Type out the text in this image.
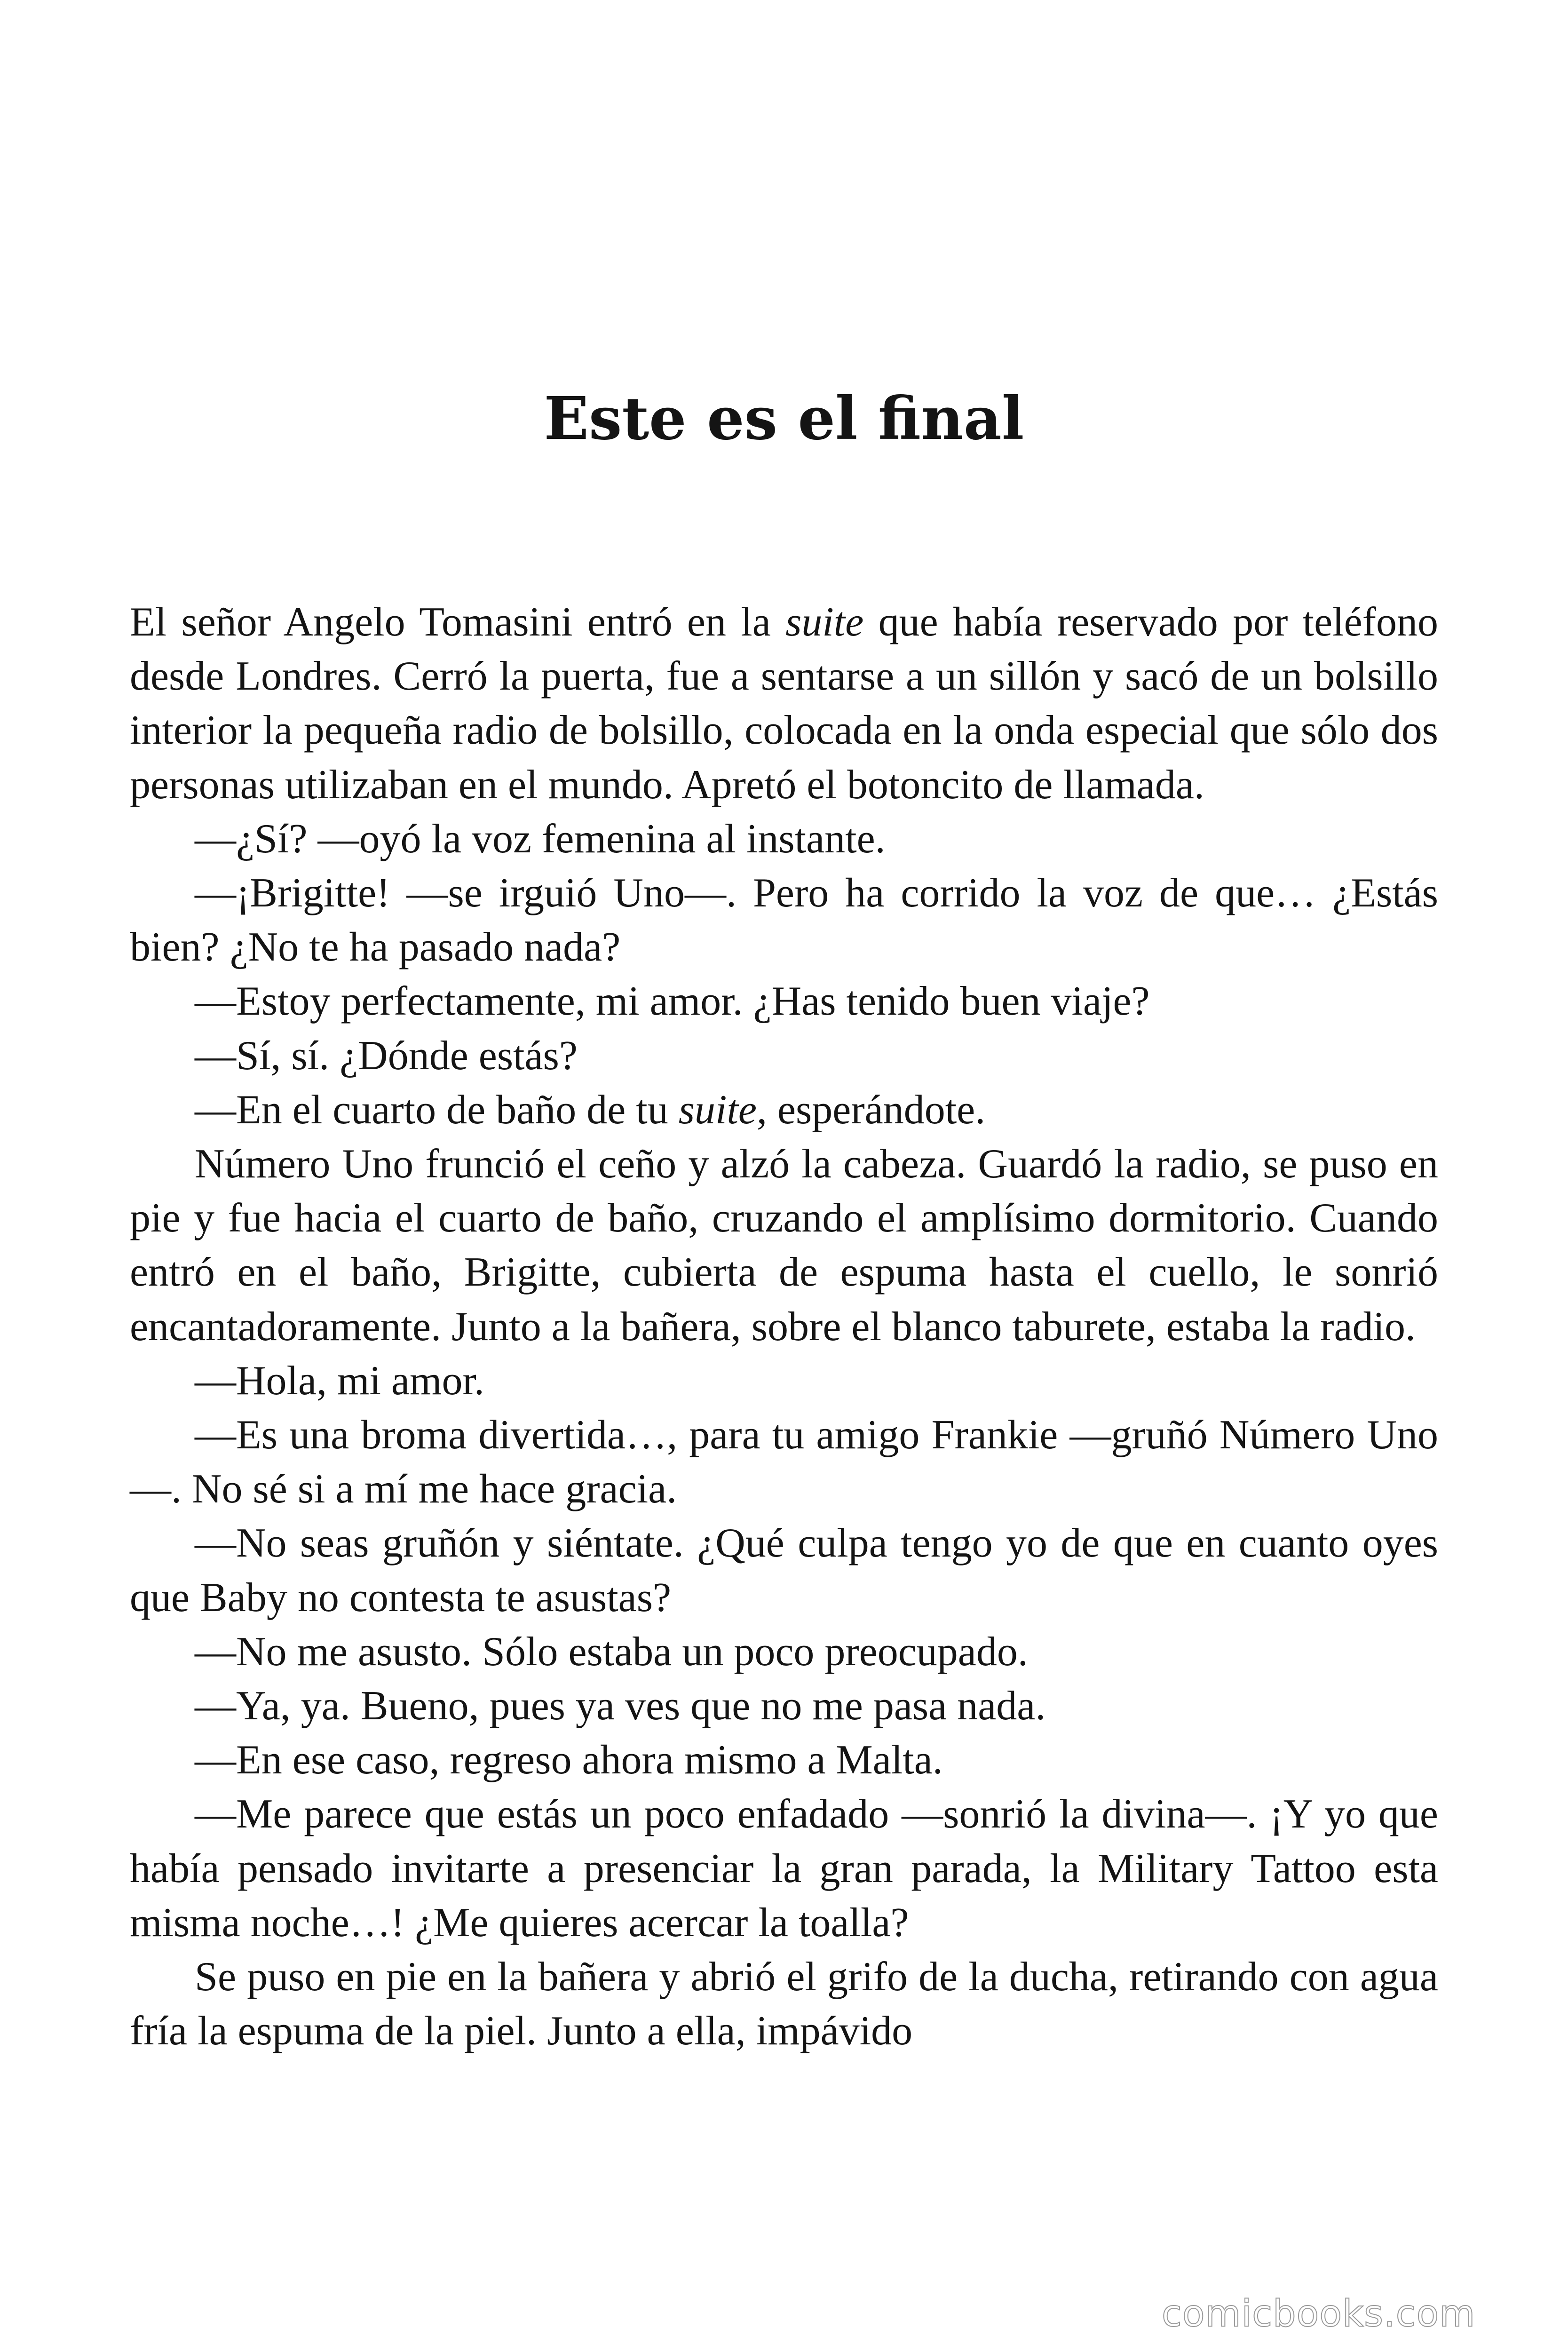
Este es el final

El señor Angelo Tomasini entró en la suite que había reservado por teléfono desde Londres. Cerró la puerta, fue a sentarse a un sillón y sacó de un bolsillo interior la pequeña radio de bolsillo, colocada en la onda especial que sólo dos personas utilizaban en el mundo. Apretó el botoncito de llamada.

—¿Sí? —oyó la voz femenina al instante.

—¡Brigitte! —se irguió Uno—. Pero ha corrido la voz de que… ¿Estás bien? ¿No te ha pasado nada?

—Estoy perfectamente, mi amor. ¿Has tenido buen viaje?

—Sí, sí. ¿Dónde estás?

—En el cuarto de baño de tu suite, esperándote.

Número Uno frunció el ceño y alzó la cabeza. Guardó la radio, se puso en pie y fue hacia el cuarto de baño, cruzando el amplísimo dormitorio. Cuando entró en el baño, Brigitte, cubierta de espuma hasta el cuello, le sonrió encantadoramente. Junto a la bañera, sobre el blanco taburete, estaba la radio.

—Hola, mi amor.

—Es una broma divertida…, para tu amigo Frankie —gruñó Número Uno—. No sé si a mí me hace gracia.

—No seas gruñón y siéntate. ¿Qué culpa tengo yo de que en cuanto oyes que Baby no contesta te asustas?

—No me asusto. Sólo estaba un poco preocupado.

—Ya, ya. Bueno, pues ya ves que no me pasa nada.

—En ese caso, regreso ahora mismo a Malta.

—Me parece que estás un poco enfadado —sonrió la divina—. ¡Y yo que había pensado invitarte a presenciar la gran parada, la Military Tattoo esta misma noche…! ¿Me quieres acercar la toalla?

Se puso en pie en la bañera y abrió el grifo de la ducha, retirando con agua fría la espuma de la piel. Junto a ella, impávido

comicbooks.com
